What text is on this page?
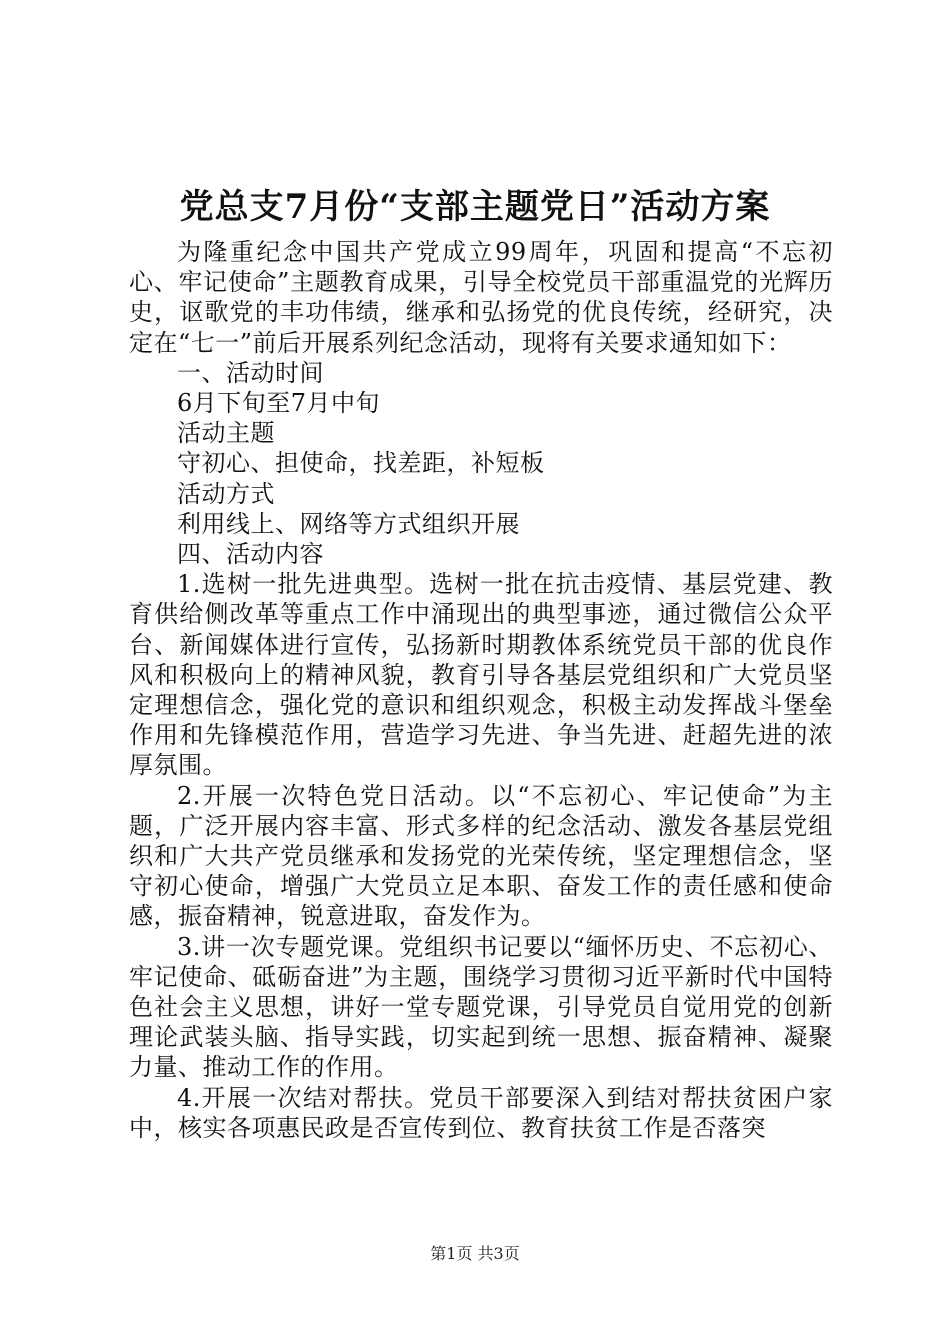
党总支7月份“支部主题党日”活动方案

为隆重纪念中国共产党成立99周年，巩固和提高“不忘初心、牢记使命”主题教育成果，引导全校党员干部重温党的光辉历史，讴歌党的丰功伟绩，继承和弘扬党的优良传统，经研究，决定在“七一”前后开展系列纪念活动，现将有关要求通知如下：

一、活动时间

6月下旬至7月中旬

活动主题

守初心、担使命，找差距，补短板

活动方式

利用线上、网络等方式组织开展

四、活动内容

1.选树一批先进典型。选树一批在抗击疫情、基层党建、教育供给侧改革等重点工作中涌现出的典型事迹，通过微信公众平台、新闻媒体进行宣传，弘扬新时期教体系统党员干部的优良作风和积极向上的精神风貌，教育引导各基层党组织和广大党员坚定理想信念，强化党的意识和组织观念，积极主动发挥战斗堡垒作用和先锋模范作用，营造学习先进、争当先进、赶超先进的浓厚氛围。

2.开展一次特色党日活动。以“不忘初心、牢记使命”为主题，广泛开展内容丰富、形式多样的纪念活动、激发各基层党组织和广大共产党员继承和发扬党的光荣传统，坚定理想信念，坚守初心使命，增强广大党员立足本职、奋发工作的责任感和使命感，振奋精神，锐意进取，奋发作为。

3.讲一次专题党课。党组织书记要以“缅怀历史、不忘初心、牢记使命、砥砺奋进”为主题，围绕学习贯彻习近平新时代中国特色社会主义思想，讲好一堂专题党课，引导党员自觉用党的创新理论武装头脑、指导实践，切实起到统一思想、振奋精神、凝聚力量、推动工作的作用。

4.开展一次结对帮扶。党员干部要深入到结对帮扶贫困户家中，核实各项惠民政是否宣传到位、教育扶贫工作是否落突

第1页 共3页
